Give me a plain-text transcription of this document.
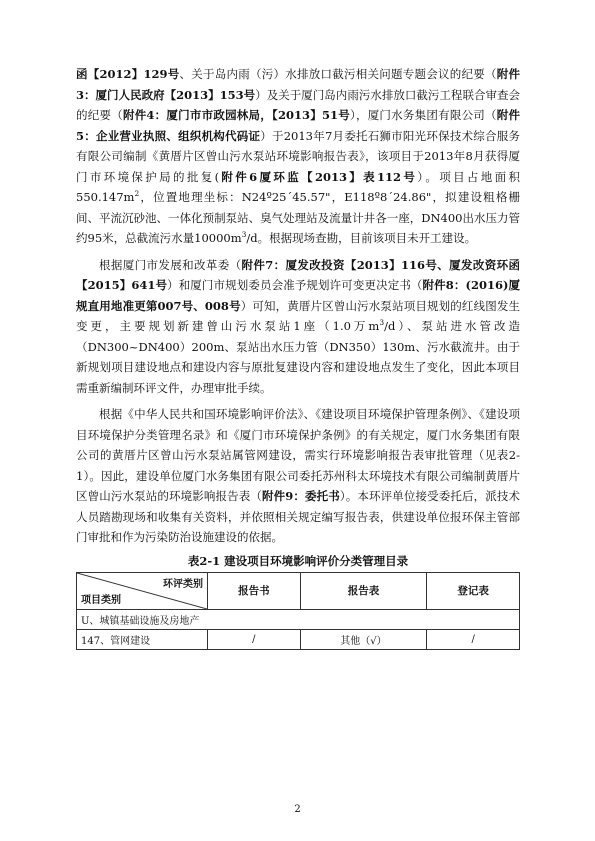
函【2012】129号、关于岛内雨（污）水排放口截污相关问题专题会议的纪要（附件3：厦门人民政府【2013】153号）及关于厦门岛内雨污水排放口截污工程联合审查会的纪要（附件4：厦门市市政园林局，【2013】51号），厦门水务集团有限公司（附件5：企业营业执照、组织机构代码证）于2013年7月委托石狮市阳光环保技术综合服务有限公司编制《黄厝片区曾山污水泵站环境影响报告表》，该项目于2013年8月获得厦门市环境保护局的批复(附件6厦环监【2013】表112号）。项目占地面积$550.147m^2$，位置地理坐标：N24º25´45.57"，E118º8´24.86"，拟建设粗格栅间、平流沉砂池、一体化预制泵站、臭气处理站及流量计井各一座，DN400出水压力管约95米，总截流污水量$10000m^3/d$。根据现场查勘，目前该项目未开工建设。

根据厦门市发展和改革委（附件7：厦发改投资【2013】116号、厦发改资环函【2015】641号）和厦门市规划委员会准予规划许可变更决定书（附件8：(2016)厦规直用地准更第007号、008号）可知，黄厝片区曾山污水泵站项目规划的红线图发生变更，主要规划新建曾山污水泵站1座（1.0万$m^3/d$）、泵站进水管改造（DN300~DN400）200m、泵站出水压力管（DN350）130m、污水截流井。由于新规划项目建设地点和建设内容与原批复建设内容和建设地点发生了变化，因此本项目需重新编制环评文件，办理审批手续。

根据《中华人民共和国环境影响评价法》、《建设项目环境保护管理条例》、《建设项目环境保护分类管理名录》和《厦门市环境保护条例》的有关规定，厦门水务集团有限公司的黄厝片区曾山污水泵站属管网建设，需实行环境影响报告表审批管理（见表2-1）。因此，建设单位厦门水务集团有限公司委托苏州科太环境技术有限公司编制黄厝片区曾山污水泵站的环境影响报告表（附件9：委托书）。本环评单位接受委托后，派技术人员踏勘现场和收集有关资料，并依照相关规定编写报告表，供建设单位报环保主管部门审批和作为污染防治设施建设的依据。

表2-1 建设项目环境影响评价分类管理目录
环评类别
项目类别	报告书	报告表	登记表
U、城镇基础设施及房地产			
147、管网建设	/	其他（√）	/
2
